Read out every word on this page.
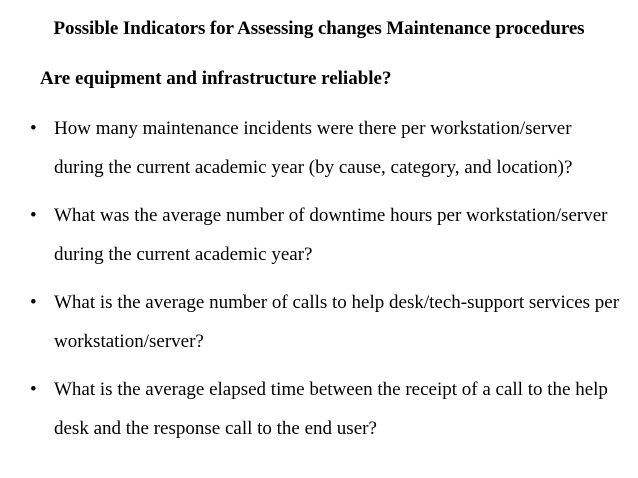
Possible Indicators for Assessing changes Maintenance procedures
Are equipment and infrastructure reliable?
• How many maintenance incidents were there per workstation/server during the current academic year (by cause, category, and location)?
• What was the average number of downtime hours per workstation/server during the current academic year?
• What is the average number of calls to help desk/tech-support services per workstation/server?
• What is the average elapsed time between the receipt of a call to the help desk and the response call to the end user?
